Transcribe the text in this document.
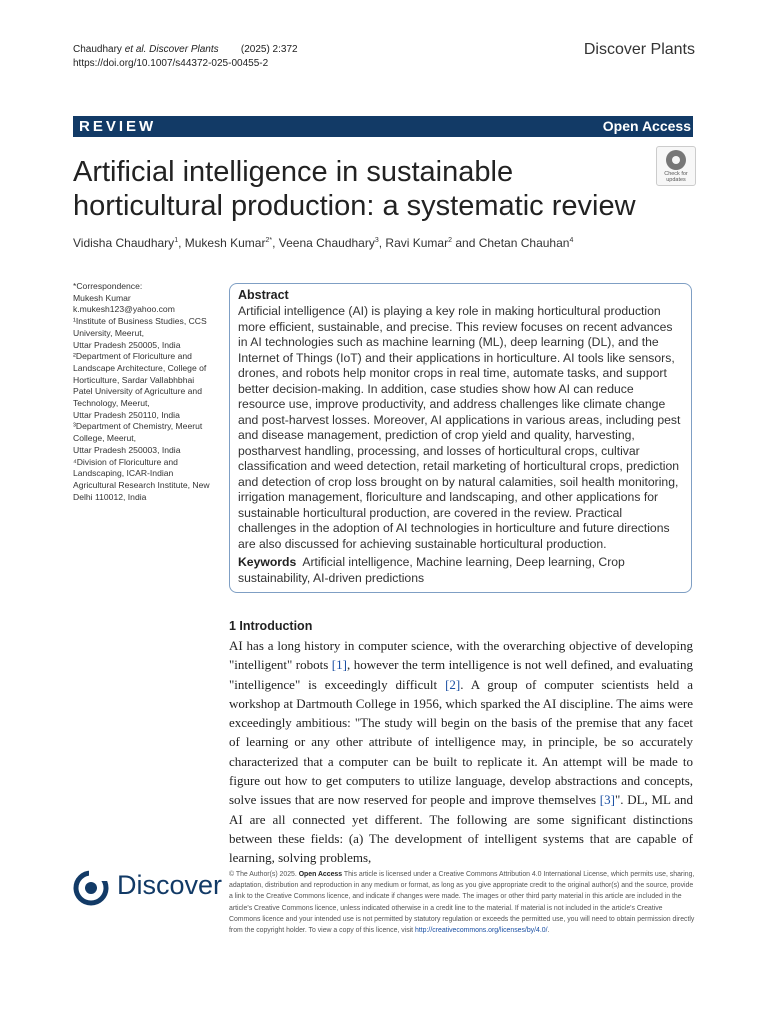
Chaudhary et al. Discover Plants (2025) 2:372
https://doi.org/10.1007/s44372-025-00455-2
Discover Plants
REVIEW	Open Access
Artificial intelligence in sustainable horticultural production: a systematic review
Check for updates
Vidisha Chaudhary$^1$, Mukesh Kumar$^{2*}$, Veena Chaudhary$^3$, Ravi Kumar$^2$ and Chetan Chauhan$^4$

*Correspondence:

Mukesh Kumar

k.mukesh123@yahoo.com

¹Institute of Business Studies, CCS University, Meerut,

Uttar Pradesh 250005, India

²Department of Floriculture and Landscape Architecture, College of Horticulture, Sardar Vallabhbhai Patel University of Agriculture and Technology, Meerut,

Uttar Pradesh 250110, India

³Department of Chemistry, Meerut College, Meerut,

Uttar Pradesh 250003, India

⁴Division of Floriculture and Landscaping, ICAR-Indian Agricultural Research Institute, New Delhi 110012, India

Abstract
Artificial intelligence (AI) is playing a key role in making horticultural production more efficient, sustainable, and precise. This review focuses on recent advances in AI technologies such as machine learning (ML), deep learning (DL), and the Internet of Things (IoT) and their applications in horticulture. AI tools like sensors, drones, and robots help monitor crops in real time, automate tasks, and support better decision-making. In addition, case studies show how AI can reduce resource use, improve productivity, and address challenges like climate change and post-harvest losses. Moreover, AI applications in various areas, including pest and disease management, prediction of crop yield and quality, harvesting, postharvest handling, processing, and losses of horticultural crops, cultivar classification and weed detection, retail marketing of horticultural crops, prediction and detection of crop loss brought on by natural calamities, soil health monitoring, irrigation management, floriculture and landscaping, and other applications for sustainable horticultural production, are covered in the review. Practical challenges in the adoption of AI technologies in horticulture and future directions are also discussed for achieving sustainable horticultural production.
Keywords Artificial intelligence, Machine learning, Deep learning, Crop sustainability, AI-driven predictions
1 Introduction
AI has a long history in computer science, with the overarching objective of developing "intelligent" robots [1], however the term intelligence is not well defined, and evaluating "intelligence" is exceedingly difficult [2]. A group of computer scientists held a workshop at Dartmouth College in 1956, which sparked the AI discipline. The aims were exceedingly ambitious: "The study will begin on the basis of the premise that any facet of learning or any other attribute of intelligence may, in principle, be so accurately characterized that a computer can be built to replicate it. An attempt will be made to figure out how to get computers to utilize language, develop abstractions and concepts, solve issues that are now reserved for people and improve themselves [3]". DL, ML and AI are all connected yet different. The following are some significant distinctions between these fields: (a) The development of intelligent systems that are capable of learning, solving problems,
Discover © The Author(s) 2025. Open Access This article is licensed under a Creative Commons Attribution 4.0 International License, which permits use, sharing, adaptation, distribution and reproduction in any medium or format, as long as you give appropriate credit to the original author(s) and the source, provide a link to the Creative Commons licence, and indicate if changes were made. The images or other third party material in this article are included in the article's Creative Commons licence, unless indicated otherwise in a credit line to the material. If material is not included in the article's Creative Commons licence and your intended use is not permitted by statutory regulation or exceeds the permitted use, you will need to obtain permission directly from the copyright holder. To view a copy of this licence, visit http://creativecommons.org/licenses/by/4.0/.
